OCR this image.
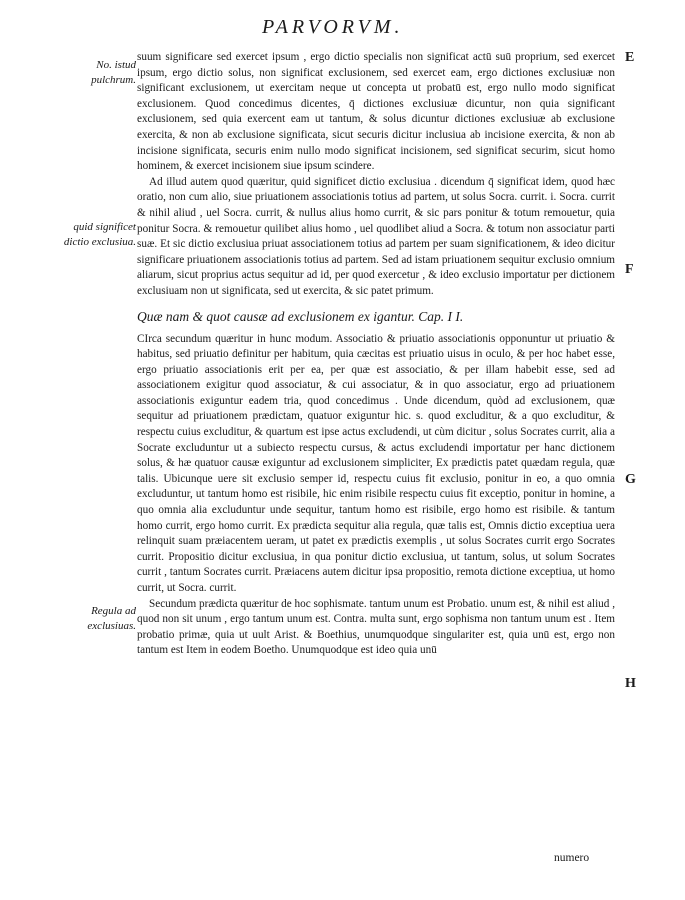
PARVORVM.
No. istud pulchrum.
quid significet dictio exclusiua.
Regula ad exclusiuas.
E
F
G
H

suum significare sed exercet ipsum , ergo dictio specialis non significat actū suū proprium, sed exercet ipsum, ergo dictio solus, non significat exclusionem, sed exercet eam, ergo dictiones exclusiuæ non significant exclusionem, ut exercitam neque ut concepta ut probatū est, ergo nullo modo significat exclusionem. Quod concedimus dicentes, q̄ dictiones exclusiuæ dicuntur, non quia significant exclusionem, sed quia exercent eam ut tantum, & solus dicuntur dictiones exclusiuæ ab exclusione exercita, & non ab exclusione significata, sicut securis dicitur inclusiua ab incisione exercita, & non ab incisione significata, securis enim nullo modo significat incisionem, sed significat securim, sicut homo hominem, & exercet incisionem siue ipsum scindere.

Ad illud autem quod quæritur, quid significet dictio exclusiua . dicendum q̄ significat idem, quod hæc oratio, non cum alio, siue priuationem associationis totius ad partem, ut solus Socra. currit. i. Socra. currit & nihil aliud , uel Socra. currit, & nullus alius homo currit, & sic pars ponitur & totum remouetur, quia ponitur Socra. & remouetur quilibet alius homo , uel quodlibet aliud a Socra. & totum non associatur parti suæ. Et sic dictio exclusiua priuat associationem totius ad partem per suam significationem, & ideo dicitur significare priuationem associationis totius ad partem. Sed ad istam priuationem sequitur exclusio omnium aliarum, sicut proprius actus sequitur ad id, per quod exercetur , & ideo exclusio importatur per dictionem exclusiuam non ut significata, sed ut exercita, & sic patet primum.

Quæ nam & quot causæ ad exclusionem ex igantur. Cap. I I.

CIrca secundum quæritur in hunc modum. Associatio & priuatio associationis opponuntur ut priuatio & habitus, sed priuatio definitur per habitum, quia cæcitas est priuatio uisus in oculo, & per hoc habet esse, ergo priuatio associationis erit per ea, per quæ est associatio, & per illam habebit esse, sed ad associationem exigitur quod associatur, & cui associatur, & in quo associatur, ergo ad priuationem associationis exiguntur eadem tria, quod concedimus . Unde dicendum, quòd ad exclusionem, quæ sequitur ad priuationem prædictam, quatuor exiguntur hic. s. quod excluditur, & a quo excluditur, & respectu cuius excluditur, & quartum est ipse actus excludendi, ut cùm dicitur , solus Socrates currit, alia a Socrate excluduntur ut a subiecto respectu cursus, & actus excludendi importatur per hanc dictionem solus, & hæ quatuor causæ exiguntur ad exclusionem simpliciter, Ex prædictis patet quædam regula, quæ talis. Ubicunque uere sit exclusio semper id, respectu cuius fit exclusio, ponitur in eo, a quo omnia excluduntur, ut tantum homo est risibile, hic enim risibile respectu cuius fit exceptio, ponitur in homine, a quo omnia alia excluduntur unde sequitur, tantum homo est risibile, ergo homo est risibile. & tantum homo currit, ergo homo currit. Ex prædicta sequitur alia regula, quæ talis est, Omnis dictio exceptiua uera relinquit suam præiacentem ueram, ut patet ex prædictis exemplis , ut solus Socrates currit ergo Socrates currit. Propositio dicitur exclusiua, in qua ponitur dictio exclusiua, ut tantum, solus, ut solum Socrates currit , tantum Socrates currit. Præiacens autem dicitur ipsa propositio, remota dictione exceptiua, ut homo currit, ut Socra. currit.

Secundum prædicta quæritur de hoc sophismate. tantum unum est Probatio. unum est, & nihil est aliud , quod non sit unum , ergo tantum unum est. Contra. multa sunt, ergo sophisma non tantum unum est . Item probatio primæ, quia ut uult Arist. & Boethius, unumquodque singulariter est, quia unū est, ergo non tantum est Item in eodem Boetho. Unumquodque est ideo quia unū

numero
